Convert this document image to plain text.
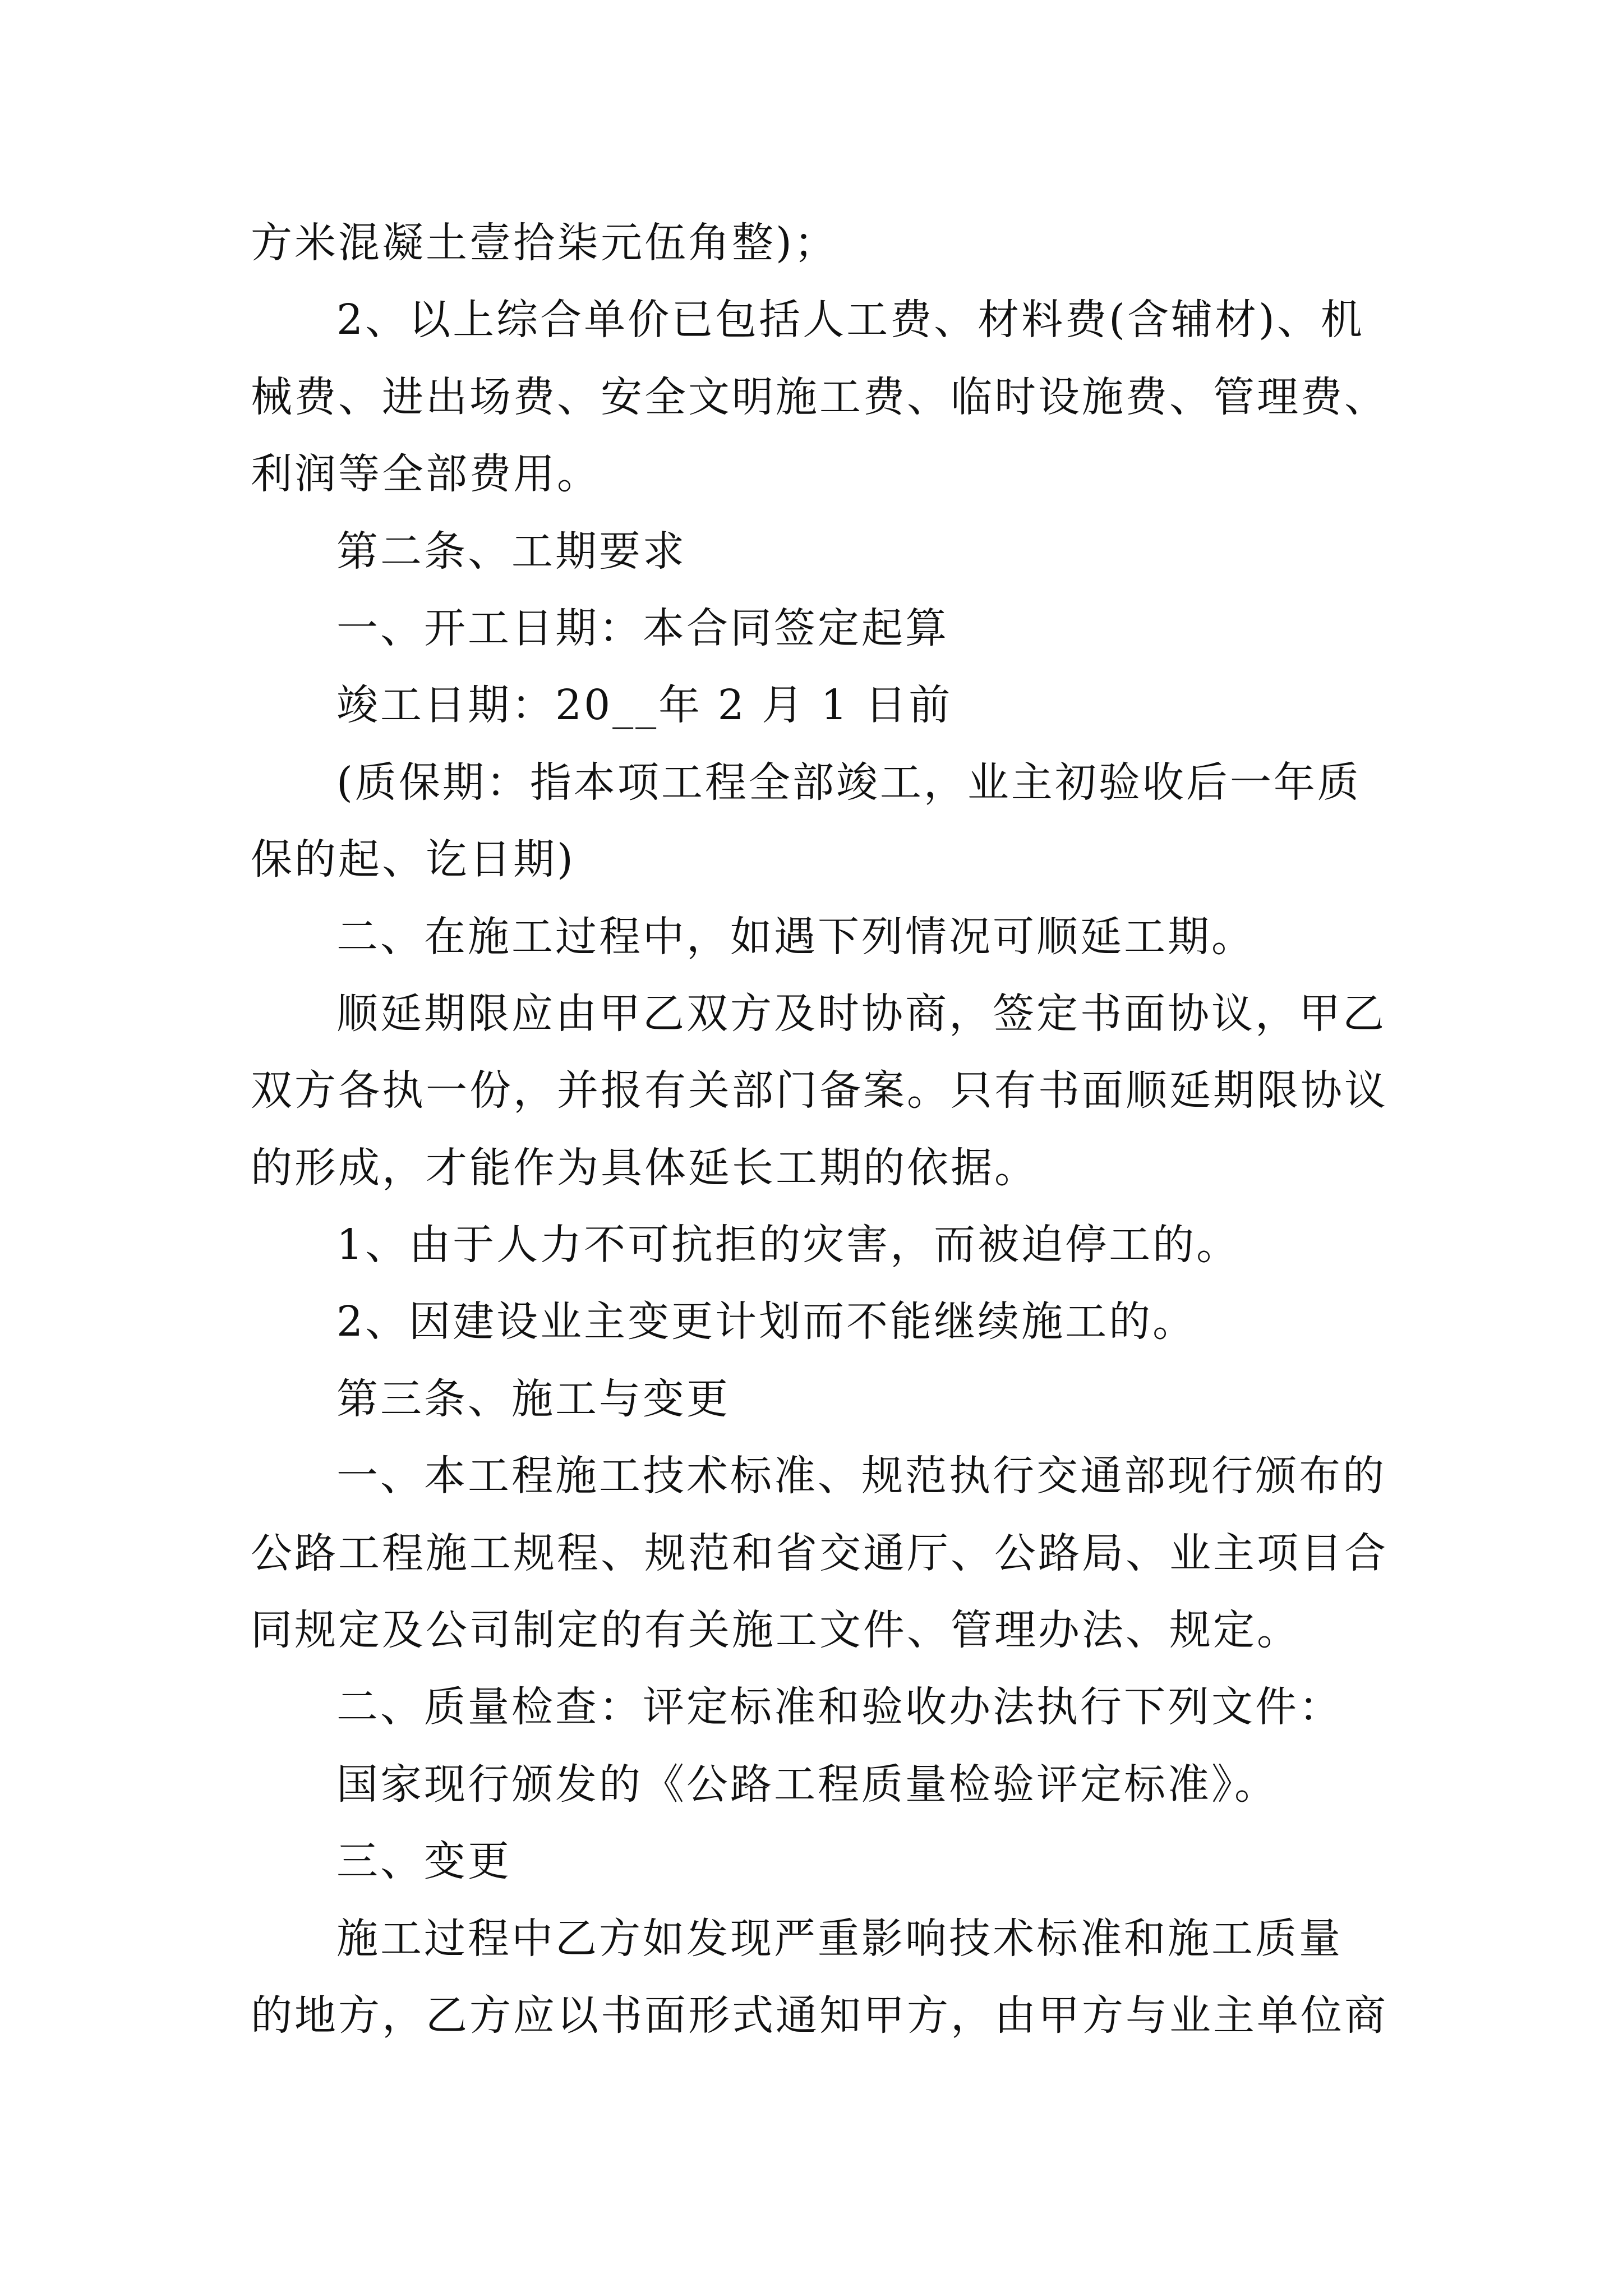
方米混凝土壹拾柒元伍角整)；
2、以上综合单价已包括人工费、材料费(含辅材)、机
械费、进出场费、安全文明施工费、临时设施费、管理费、
利润等全部费用。
第二条、工期要求
一、开工日期：本合同签定起算
竣工日期：20__年 2 月 1 日前
(质保期：指本项工程全部竣工，业主初验收后一年质
保的起、讫日期)
二、在施工过程中，如遇下列情况可顺延工期。
顺延期限应由甲乙双方及时协商，签定书面协议，甲乙
双方各执一份，并报有关部门备案。只有书面顺延期限协议
的形成，才能作为具体延长工期的依据。
1、由于人力不可抗拒的灾害，而被迫停工的。
2、因建设业主变更计划而不能继续施工的。
第三条、施工与变更
一、本工程施工技术标准、规范执行交通部现行颁布的
公路工程施工规程、规范和省交通厅、公路局、业主项目合
同规定及公司制定的有关施工文件、管理办法、规定。
二、质量检查：评定标准和验收办法执行下列文件：
国家现行颁发的《公路工程质量检验评定标准》。
三、变更
施工过程中乙方如发现严重影响技术标准和施工质量
的地方，乙方应以书面形式通知甲方，由甲方与业主单位商
